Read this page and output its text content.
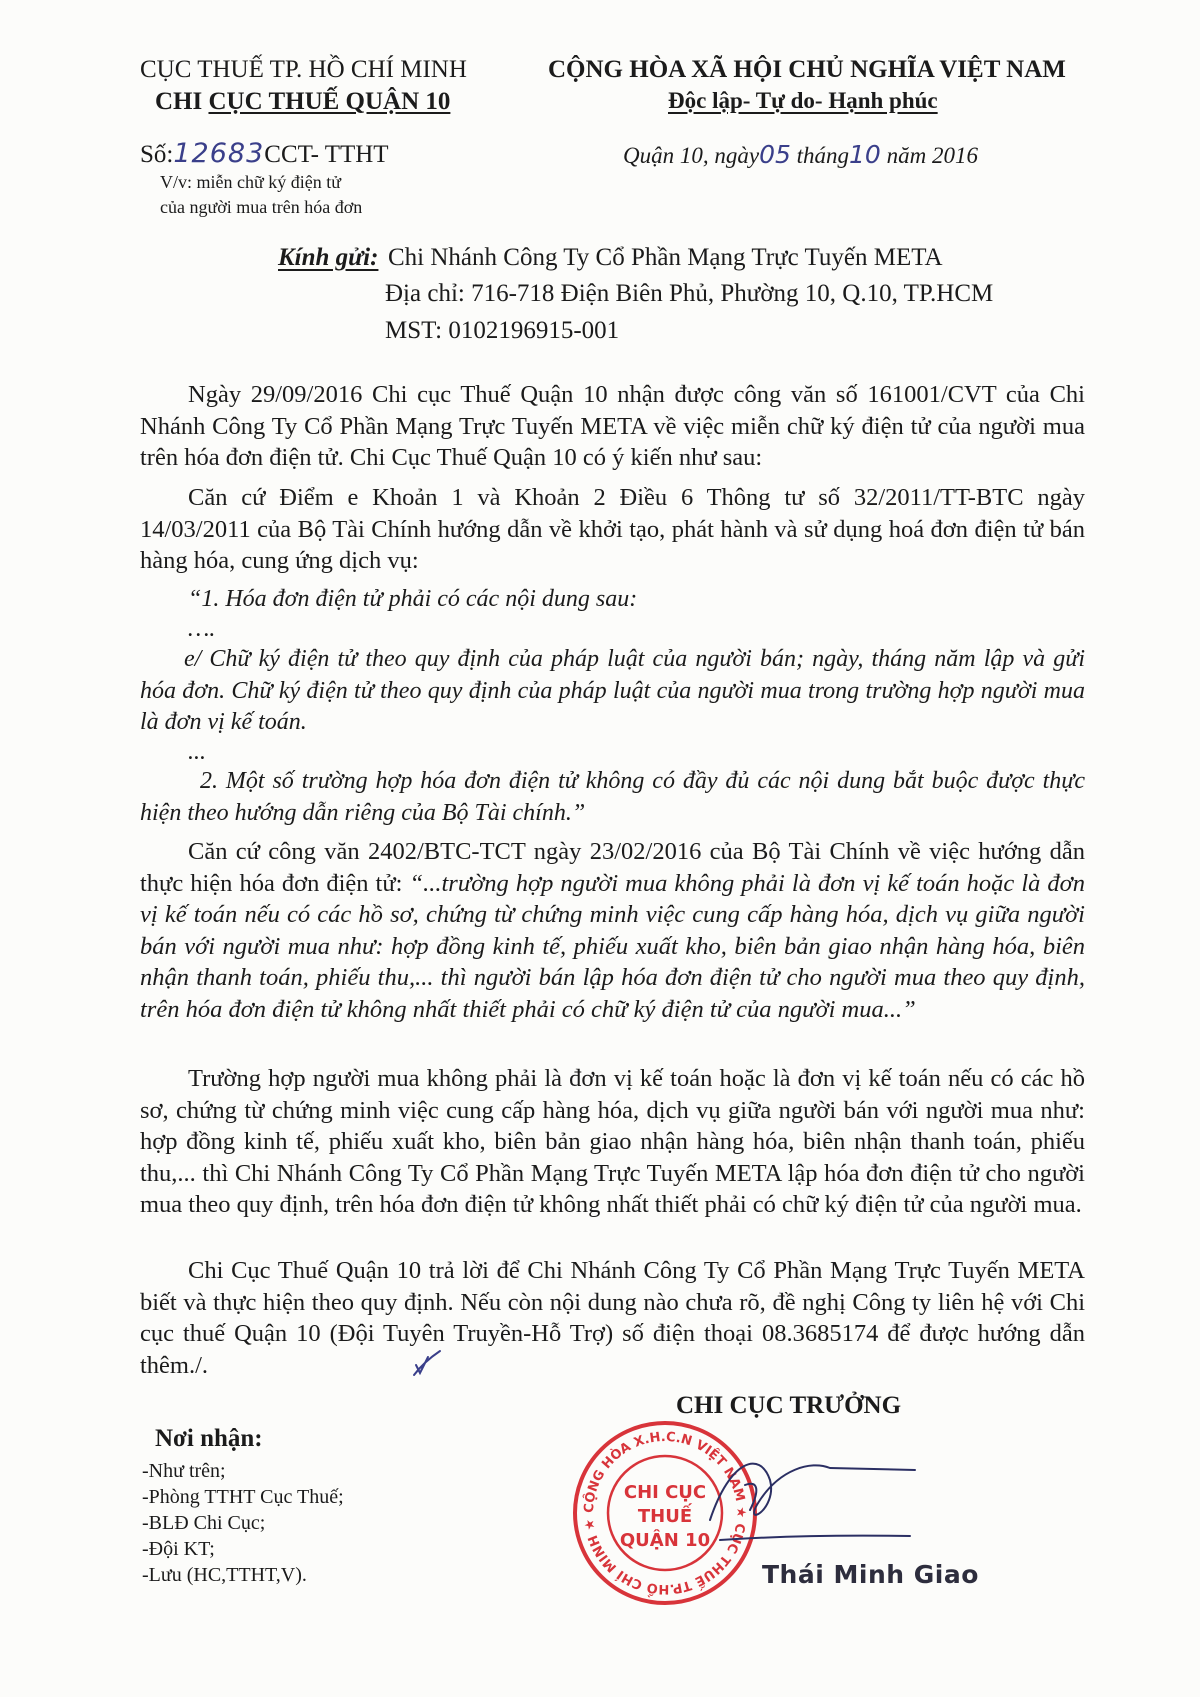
CỤC THUẾ TP. HỒ CHÍ MINH
CHI CỤC THUẾ QUẬN 10
Số:12683CCT- TTHT
V/v: miễn chữ ký điện tử
của người mua trên hóa đơn
CỘNG HÒA XÃ HỘI CHỦ NGHĨA VIỆT NAM
Độc lập- Tự do- Hạnh phúc
Quận 10, ngày05 tháng10 năm 2016
Kính gửi: Chi Nhánh Công Ty Cổ Phần Mạng Trực Tuyến META
Địa chỉ: 716-718 Điện Biên Phủ, Phường 10, Q.10, TP.HCM
MST: 0102196915-001

Ngày 29/09/2016 Chi cục Thuế Quận 10 nhận được công văn số 161001/CVT của Chi Nhánh Công Ty Cổ Phần Mạng Trực Tuyến META về việc miễn chữ ký điện tử của người mua trên hóa đơn điện tử. Chi Cục Thuế Quận 10 có ý kiến như sau:

Căn cứ Điểm e Khoản 1 và Khoản 2 Điều 6 Thông tư số 32/2011/TT-BTC ngày 14/03/2011 của Bộ Tài Chính hướng dẫn về khởi tạo, phát hành và sử dụng hoá đơn điện tử bán hàng hóa, cung ứng dịch vụ:

“1. Hóa đơn điện tử phải có các nội dung sau:

….

e/ Chữ ký điện tử theo quy định của pháp luật của người bán; ngày, tháng năm lập và gửi hóa đơn. Chữ ký điện tử theo quy định của pháp luật của người mua trong trường hợp người mua là đơn vị kế toán.

...

2. Một số trường hợp hóa đơn điện tử không có đầy đủ các nội dung bắt buộc được thực hiện theo hướng dẫn riêng của Bộ Tài chính.”

Căn cứ công văn 2402/BTC-TCT ngày 23/02/2016 của Bộ Tài Chính về việc hướng dẫn thực hiện hóa đơn điện tử: “...trường hợp người mua không phải là đơn vị kế toán hoặc là đơn vị kế toán nếu có các hồ sơ, chứng từ chứng minh việc cung cấp hàng hóa, dịch vụ giữa người bán với người mua như: hợp đồng kinh tế, phiếu xuất kho, biên bản giao nhận hàng hóa, biên nhận thanh toán, phiếu thu,... thì người bán lập hóa đơn điện tử cho người mua theo quy định, trên hóa đơn điện tử không nhất thiết phải có chữ ký điện tử của người mua...”

Trường hợp người mua không phải là đơn vị kế toán hoặc là đơn vị kế toán nếu có các hồ sơ, chứng từ chứng minh việc cung cấp hàng hóa, dịch vụ giữa người bán với người mua như: hợp đồng kinh tế, phiếu xuất kho, biên bản giao nhận hàng hóa, biên nhận thanh toán, phiếu thu,... thì Chi Nhánh Công Ty Cổ Phần Mạng Trực Tuyến META lập hóa đơn điện tử cho người mua theo quy định, trên hóa đơn điện tử không nhất thiết phải có chữ ký điện tử của người mua.

Chi Cục Thuế Quận 10 trả lời để Chi Nhánh Công Ty Cổ Phần Mạng Trực Tuyến META biết và thực hiện theo quy định. Nếu còn nội dung nào chưa rõ, đề nghị Công ty liên hệ với Chi cục thuế Quận 10 (Đội Tuyên Truyền-Hỗ Trợ) số điện thoại 08.3685174 để được hướng dẫn thêm./.

CHI CỤC TRƯỞNG
CỘNG HÒA X.H.C.N VIỆT NAM ★ CỤC THUẾ TP.HỒ CHÍ MINH ★
CHI CỤC
THUẾ
QUẬN 10
Thái Minh Giao
Nơi nhận:
-Như trên;
-Phòng TTHT Cục Thuế;
-BLĐ Chi Cục;
-Đội KT;
-Lưu (HC,TTHT,V).
